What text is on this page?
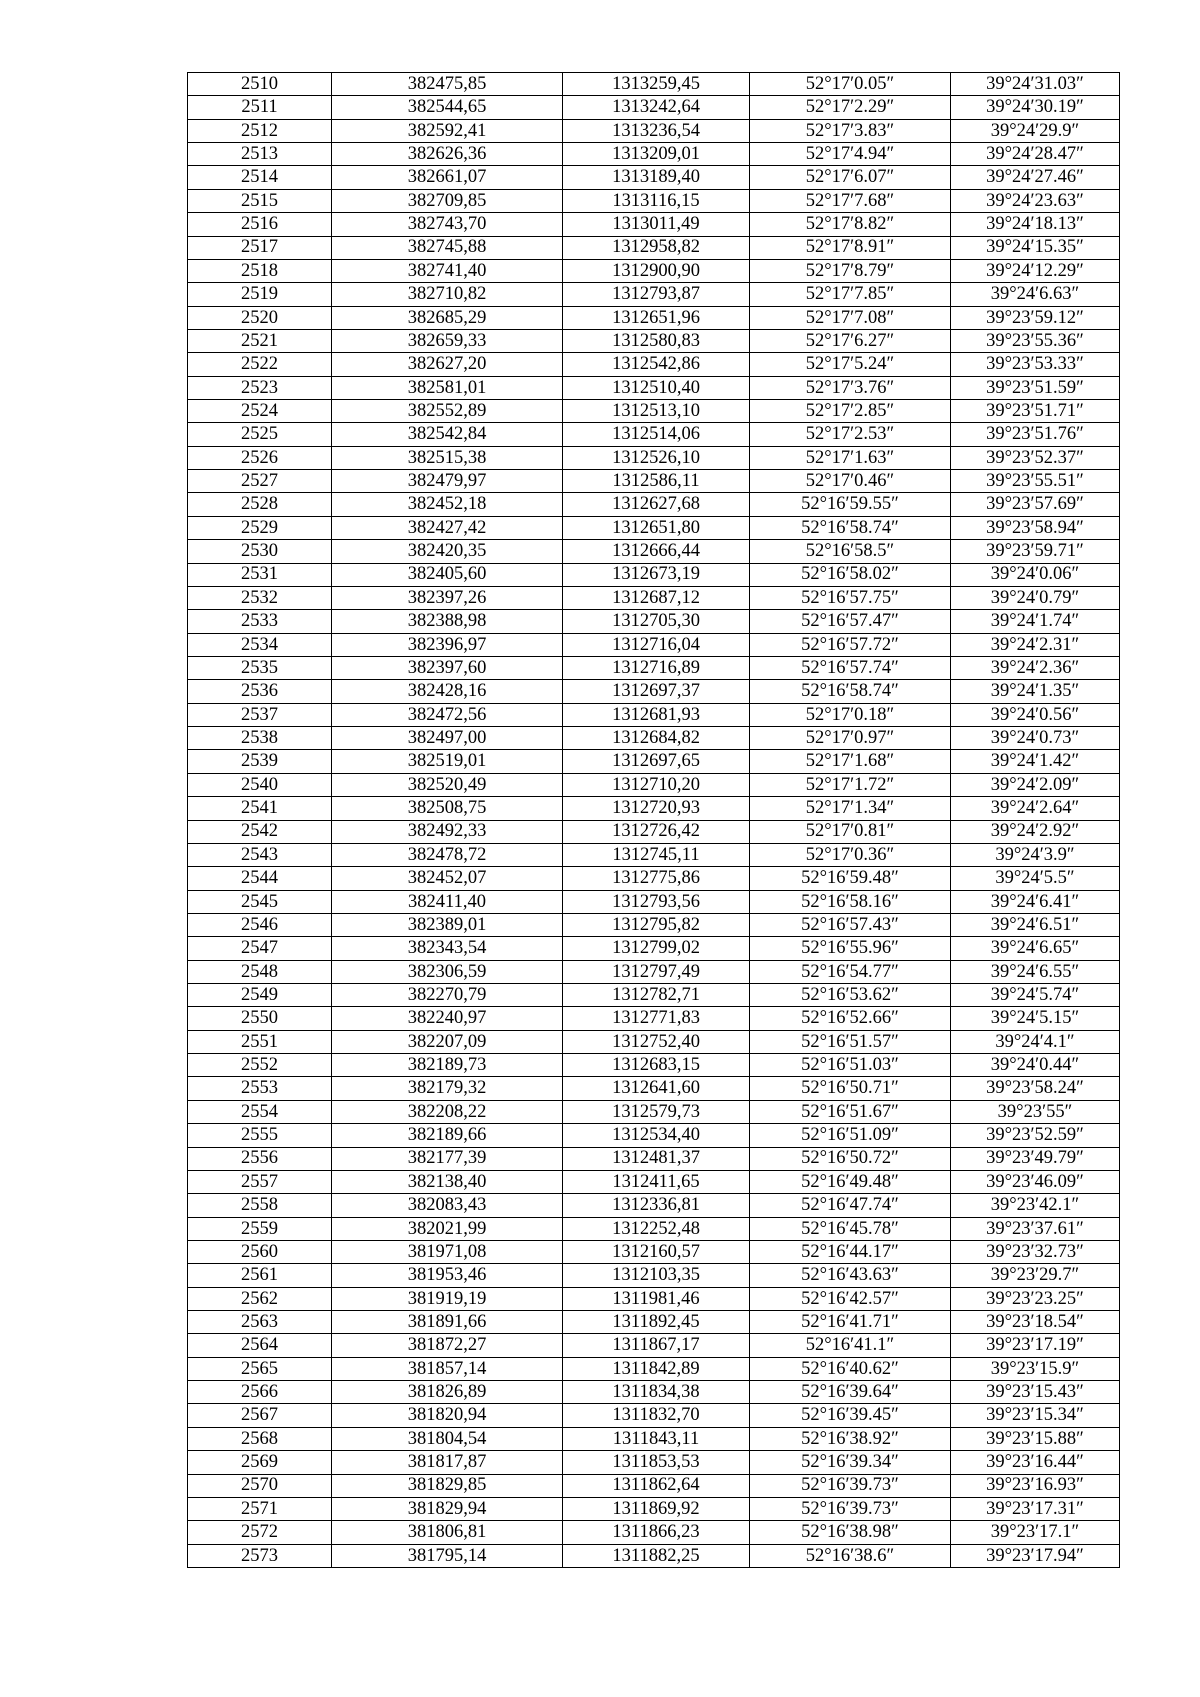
2510	382475,85	1313259,45	52°17′0.05″	39°24′31.03″
2511	382544,65	1313242,64	52°17′2.29″	39°24′30.19″
2512	382592,41	1313236,54	52°17′3.83″	39°24′29.9″
2513	382626,36	1313209,01	52°17′4.94″	39°24′28.47″
2514	382661,07	1313189,40	52°17′6.07″	39°24′27.46″
2515	382709,85	1313116,15	52°17′7.68″	39°24′23.63″
2516	382743,70	1313011,49	52°17′8.82″	39°24′18.13″
2517	382745,88	1312958,82	52°17′8.91″	39°24′15.35″
2518	382741,40	1312900,90	52°17′8.79″	39°24′12.29″
2519	382710,82	1312793,87	52°17′7.85″	39°24′6.63″
2520	382685,29	1312651,96	52°17′7.08″	39°23′59.12″
2521	382659,33	1312580,83	52°17′6.27″	39°23′55.36″
2522	382627,20	1312542,86	52°17′5.24″	39°23′53.33″
2523	382581,01	1312510,40	52°17′3.76″	39°23′51.59″
2524	382552,89	1312513,10	52°17′2.85″	39°23′51.71″
2525	382542,84	1312514,06	52°17′2.53″	39°23′51.76″
2526	382515,38	1312526,10	52°17′1.63″	39°23′52.37″
2527	382479,97	1312586,11	52°17′0.46″	39°23′55.51″
2528	382452,18	1312627,68	52°16′59.55″	39°23′57.69″
2529	382427,42	1312651,80	52°16′58.74″	39°23′58.94″
2530	382420,35	1312666,44	52°16′58.5″	39°23′59.71″
2531	382405,60	1312673,19	52°16′58.02″	39°24′0.06″
2532	382397,26	1312687,12	52°16′57.75″	39°24′0.79″
2533	382388,98	1312705,30	52°16′57.47″	39°24′1.74″
2534	382396,97	1312716,04	52°16′57.72″	39°24′2.31″
2535	382397,60	1312716,89	52°16′57.74″	39°24′2.36″
2536	382428,16	1312697,37	52°16′58.74″	39°24′1.35″
2537	382472,56	1312681,93	52°17′0.18″	39°24′0.56″
2538	382497,00	1312684,82	52°17′0.97″	39°24′0.73″
2539	382519,01	1312697,65	52°17′1.68″	39°24′1.42″
2540	382520,49	1312710,20	52°17′1.72″	39°24′2.09″
2541	382508,75	1312720,93	52°17′1.34″	39°24′2.64″
2542	382492,33	1312726,42	52°17′0.81″	39°24′2.92″
2543	382478,72	1312745,11	52°17′0.36″	39°24′3.9″
2544	382452,07	1312775,86	52°16′59.48″	39°24′5.5″
2545	382411,40	1312793,56	52°16′58.16″	39°24′6.41″
2546	382389,01	1312795,82	52°16′57.43″	39°24′6.51″
2547	382343,54	1312799,02	52°16′55.96″	39°24′6.65″
2548	382306,59	1312797,49	52°16′54.77″	39°24′6.55″
2549	382270,79	1312782,71	52°16′53.62″	39°24′5.74″
2550	382240,97	1312771,83	52°16′52.66″	39°24′5.15″
2551	382207,09	1312752,40	52°16′51.57″	39°24′4.1″
2552	382189,73	1312683,15	52°16′51.03″	39°24′0.44″
2553	382179,32	1312641,60	52°16′50.71″	39°23′58.24″
2554	382208,22	1312579,73	52°16′51.67″	39°23′55″
2555	382189,66	1312534,40	52°16′51.09″	39°23′52.59″
2556	382177,39	1312481,37	52°16′50.72″	39°23′49.79″
2557	382138,40	1312411,65	52°16′49.48″	39°23′46.09″
2558	382083,43	1312336,81	52°16′47.74″	39°23′42.1″
2559	382021,99	1312252,48	52°16′45.78″	39°23′37.61″
2560	381971,08	1312160,57	52°16′44.17″	39°23′32.73″
2561	381953,46	1312103,35	52°16′43.63″	39°23′29.7″
2562	381919,19	1311981,46	52°16′42.57″	39°23′23.25″
2563	381891,66	1311892,45	52°16′41.71″	39°23′18.54″
2564	381872,27	1311867,17	52°16′41.1″	39°23′17.19″
2565	381857,14	1311842,89	52°16′40.62″	39°23′15.9″
2566	381826,89	1311834,38	52°16′39.64″	39°23′15.43″
2567	381820,94	1311832,70	52°16′39.45″	39°23′15.34″
2568	381804,54	1311843,11	52°16′38.92″	39°23′15.88″
2569	381817,87	1311853,53	52°16′39.34″	39°23′16.44″
2570	381829,85	1311862,64	52°16′39.73″	39°23′16.93″
2571	381829,94	1311869,92	52°16′39.73″	39°23′17.31″
2572	381806,81	1311866,23	52°16′38.98″	39°23′17.1″
2573	381795,14	1311882,25	52°16′38.6″	39°23′17.94″
